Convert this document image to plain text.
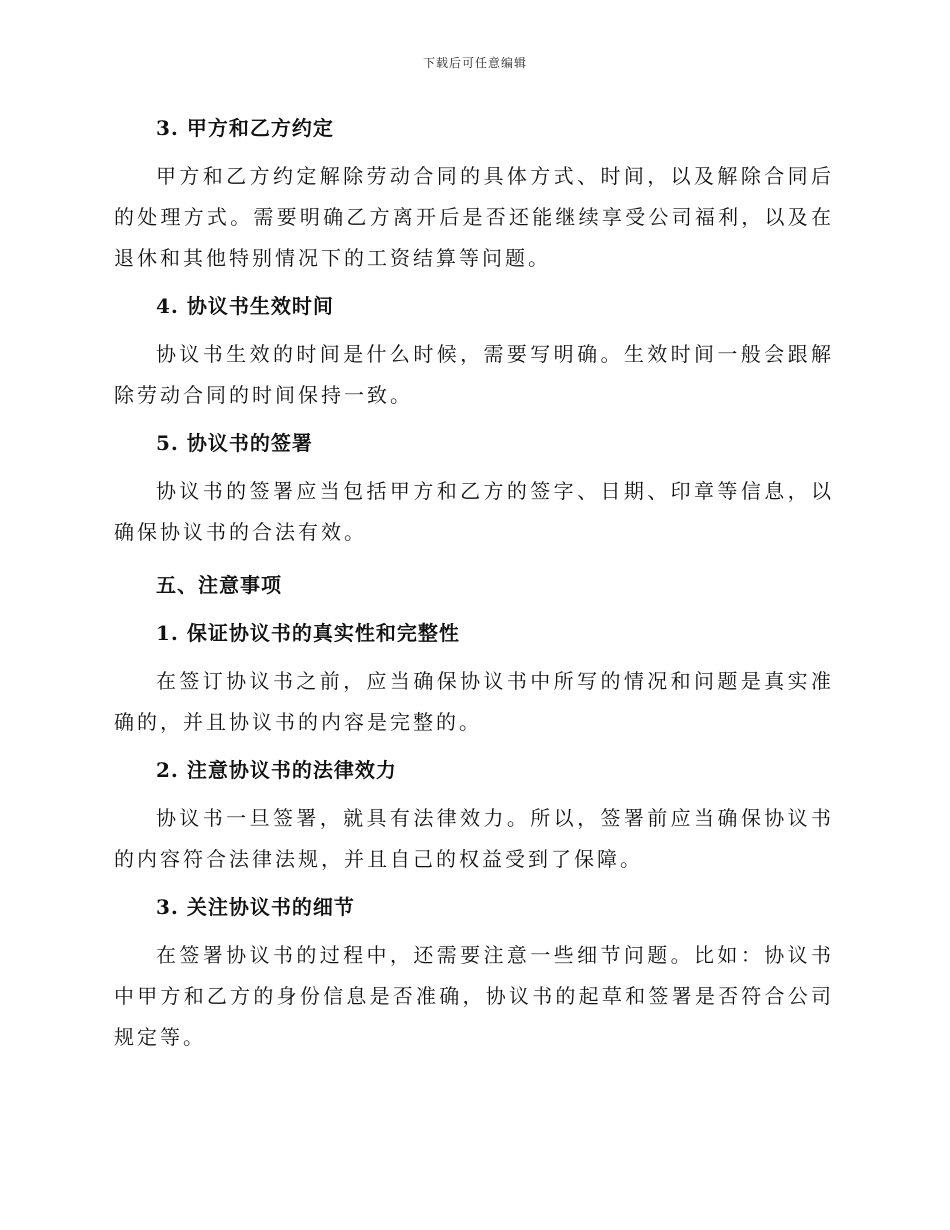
下载后可任意编辑
3. 甲方和乙方约定

甲方和乙方约定解除劳动合同的具体方式、时间，以及解除合同后的处理方式。需要明确乙方离开后是否还能继续享受公司福利，以及在退休和其他特别情况下的工资结算等问题。

4. 协议书生效时间

协议书生效的时间是什么时候，需要写明确。生效时间一般会跟解除劳动合同的时间保持一致。

5. 协议书的签署

协议书的签署应当包括甲方和乙方的签字、日期、印章等信息，以确保协议书的合法有效。

五、注意事项
1. 保证协议书的真实性和完整性

在签订协议书之前，应当确保协议书中所写的情况和问题是真实准确的，并且协议书的内容是完整的。

2. 注意协议书的法律效力

协议书一旦签署，就具有法律效力。所以，签署前应当确保协议书的内容符合法律法规，并且自己的权益受到了保障。

3. 关注协议书的细节

在签署协议书的过程中，还需要注意一些细节问题。比如：协议书中甲方和乙方的身份信息是否准确，协议书的起草和签署是否符合公司规定等。
